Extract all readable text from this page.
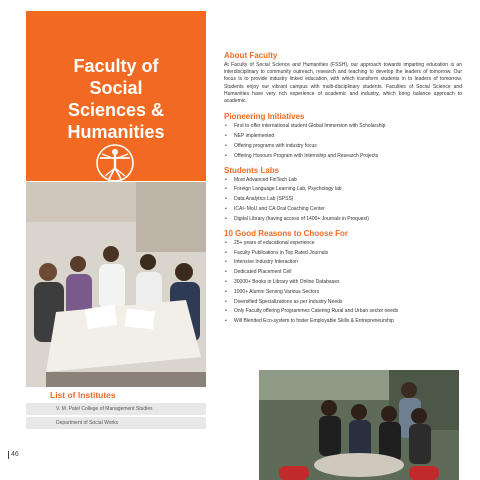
Faculty of
Social
Sciences &
Humanities
List of Institutes
V. M. Patel College of Management Studies
Department of Social Works
46
About Faculty

At Faculty of Social Science and Humanities (FSSH), our approach towards imparting education is an interdisciplinary to community outreach, research and teaching to develop the leaders of tomorrow. Our focus is to provide industry linked education, with which transform students in to leaders of tomorrow. Students enjoy our vibrant campus with multi-disciplinary students. Faculties of Social Science and Humanities have very rich experience of academic and industry, which bring balance approach to academic.

Pioneering Initiatives
• First to offer international student Global Immersion with Scholarship
• NEP implemented
• Offering programs with industry focus
• Offering Honours Program with Internship and Research Projects
Students Labs
• Most Advanced FinTech Lab
• Foreign Language Learning Lab, Psychology lab
• Data Analytics Lab (SPSS)
• ICAI- MoU and CA Oral Coaching Center
• Digital Library (having access of 1400+ Journals in Proquest)
10 Good Reasons to Choose For
• 25+ years of educational experience
• Faculty Publications in Top Rated Journals
• Intensive Industry Interaction
• Dedicated Placement Cell
• 30000+ Books in Library with Online Databases
• 1000+ Alumni Serving Various Sectors
• Diversified Specializations as per Industry Needs
• Only Faculty offering Programmes Catering Rural and Urban sector needs
• Will Blended Eco-system to foster Employable Skills & Entrepreneurship
